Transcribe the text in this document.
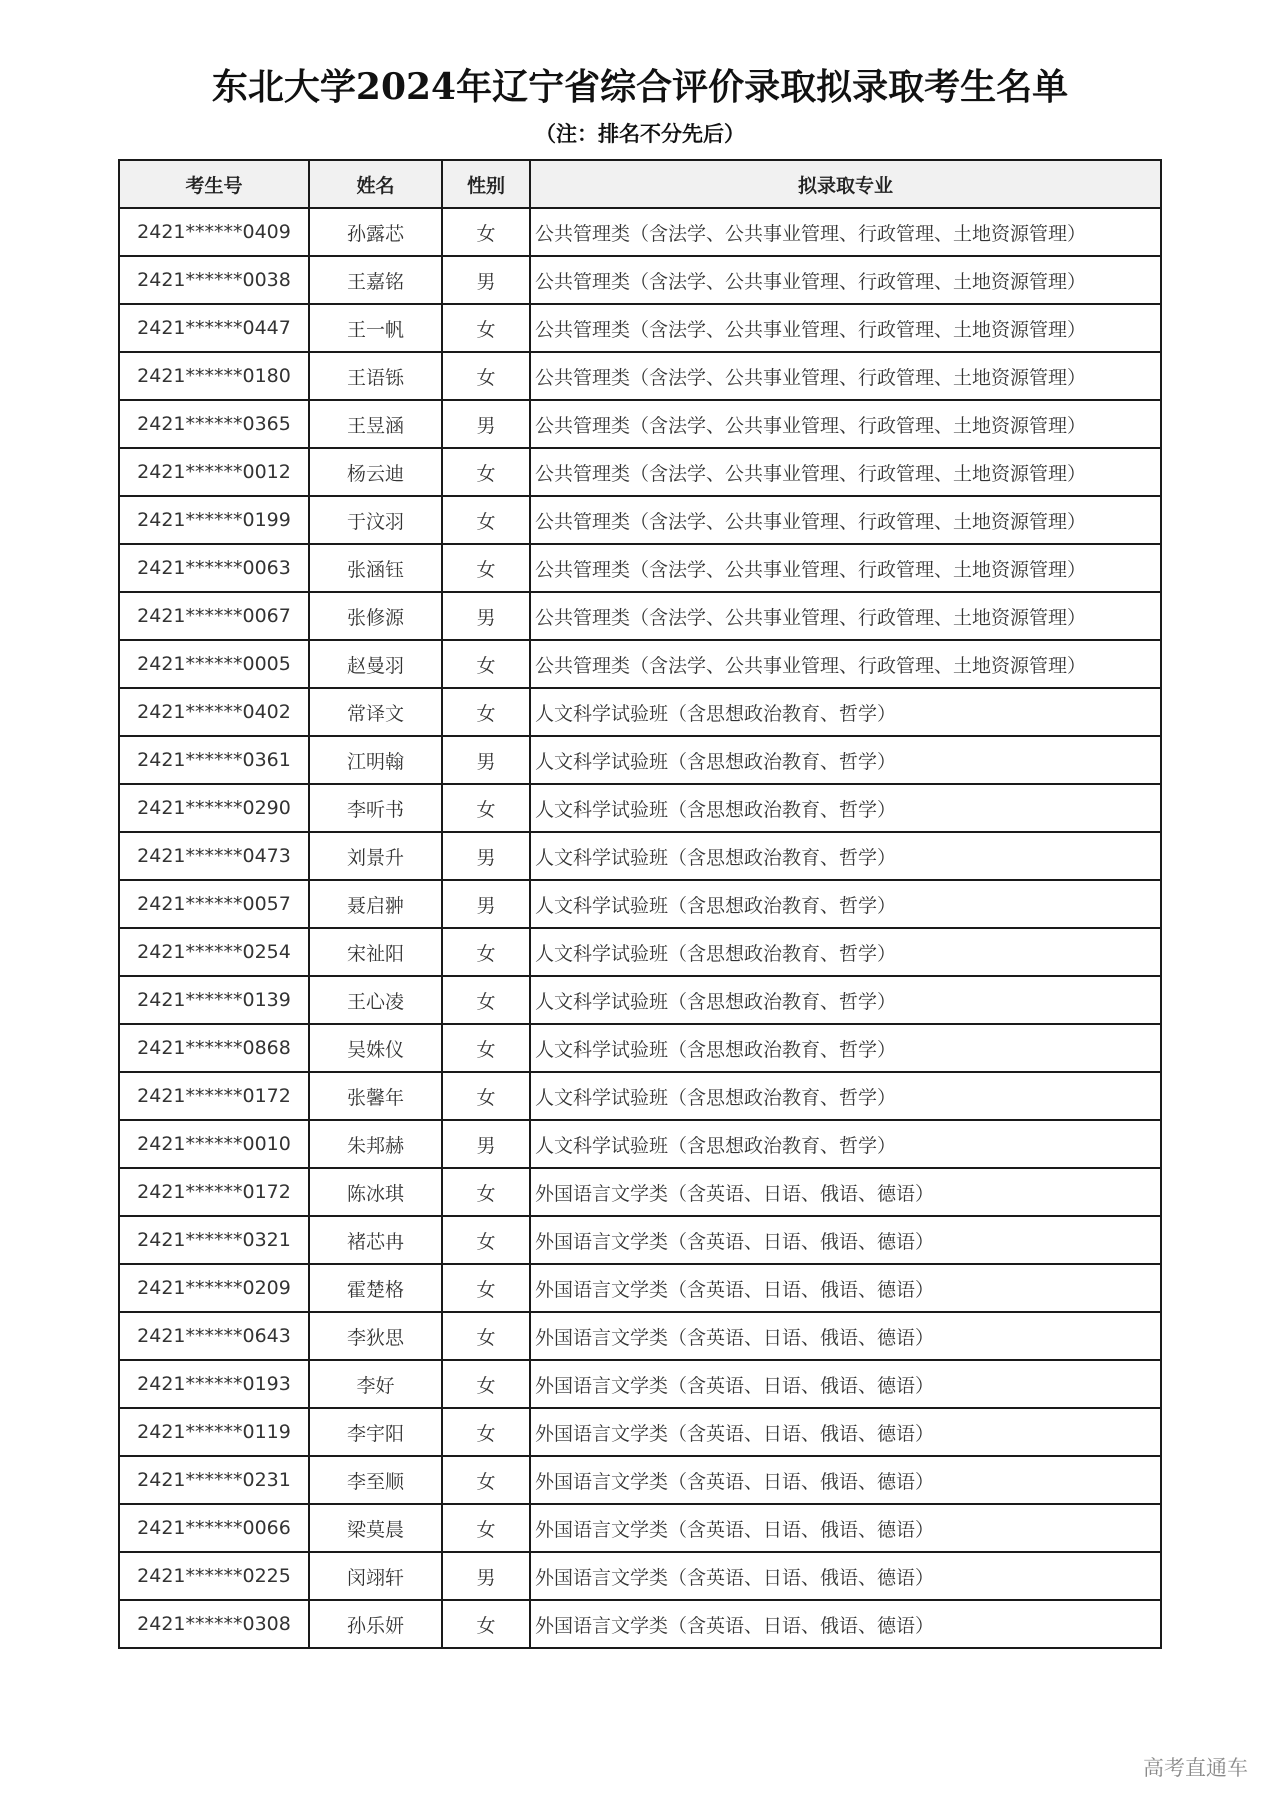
东北大学2024年辽宁省综合评价录取拟录取考生名单
（注：排名不分先后）
考生号	姓名	性别	拟录取专业
2421******0409	孙露芯	女	公共管理类（含法学、公共事业管理、行政管理、土地资源管理）
2421******0038	王嘉铭	男	公共管理类（含法学、公共事业管理、行政管理、土地资源管理）
2421******0447	王一帆	女	公共管理类（含法学、公共事业管理、行政管理、土地资源管理）
2421******0180	王语铄	女	公共管理类（含法学、公共事业管理、行政管理、土地资源管理）
2421******0365	王昱涵	男	公共管理类（含法学、公共事业管理、行政管理、土地资源管理）
2421******0012	杨云迪	女	公共管理类（含法学、公共事业管理、行政管理、土地资源管理）
2421******0199	于汶羽	女	公共管理类（含法学、公共事业管理、行政管理、土地资源管理）
2421******0063	张涵钰	女	公共管理类（含法学、公共事业管理、行政管理、土地资源管理）
2421******0067	张修源	男	公共管理类（含法学、公共事业管理、行政管理、土地资源管理）
2421******0005	赵曼羽	女	公共管理类（含法学、公共事业管理、行政管理、土地资源管理）
2421******0402	常译文	女	人文科学试验班（含思想政治教育、哲学）
2421******0361	江明翰	男	人文科学试验班（含思想政治教育、哲学）
2421******0290	李听书	女	人文科学试验班（含思想政治教育、哲学）
2421******0473	刘景升	男	人文科学试验班（含思想政治教育、哲学）
2421******0057	聂启翀	男	人文科学试验班（含思想政治教育、哲学）
2421******0254	宋祉阳	女	人文科学试验班（含思想政治教育、哲学）
2421******0139	王心凌	女	人文科学试验班（含思想政治教育、哲学）
2421******0868	吴姝仪	女	人文科学试验班（含思想政治教育、哲学）
2421******0172	张馨年	女	人文科学试验班（含思想政治教育、哲学）
2421******0010	朱邦赫	男	人文科学试验班（含思想政治教育、哲学）
2421******0172	陈冰琪	女	外国语言文学类（含英语、日语、俄语、德语）
2421******0321	褚芯冉	女	外国语言文学类（含英语、日语、俄语、德语）
2421******0209	霍楚格	女	外国语言文学类（含英语、日语、俄语、德语）
2421******0643	李狄思	女	外国语言文学类（含英语、日语、俄语、德语）
2421******0193	李好	女	外国语言文学类（含英语、日语、俄语、德语）
2421******0119	李宇阳	女	外国语言文学类（含英语、日语、俄语、德语）
2421******0231	李至顺	女	外国语言文学类（含英语、日语、俄语、德语）
2421******0066	梁莫晨	女	外国语言文学类（含英语、日语、俄语、德语）
2421******0225	闵翊轩	男	外国语言文学类（含英语、日语、俄语、德语）
2421******0308	孙乐妍	女	外国语言文学类（含英语、日语、俄语、德语）
高考直通车
